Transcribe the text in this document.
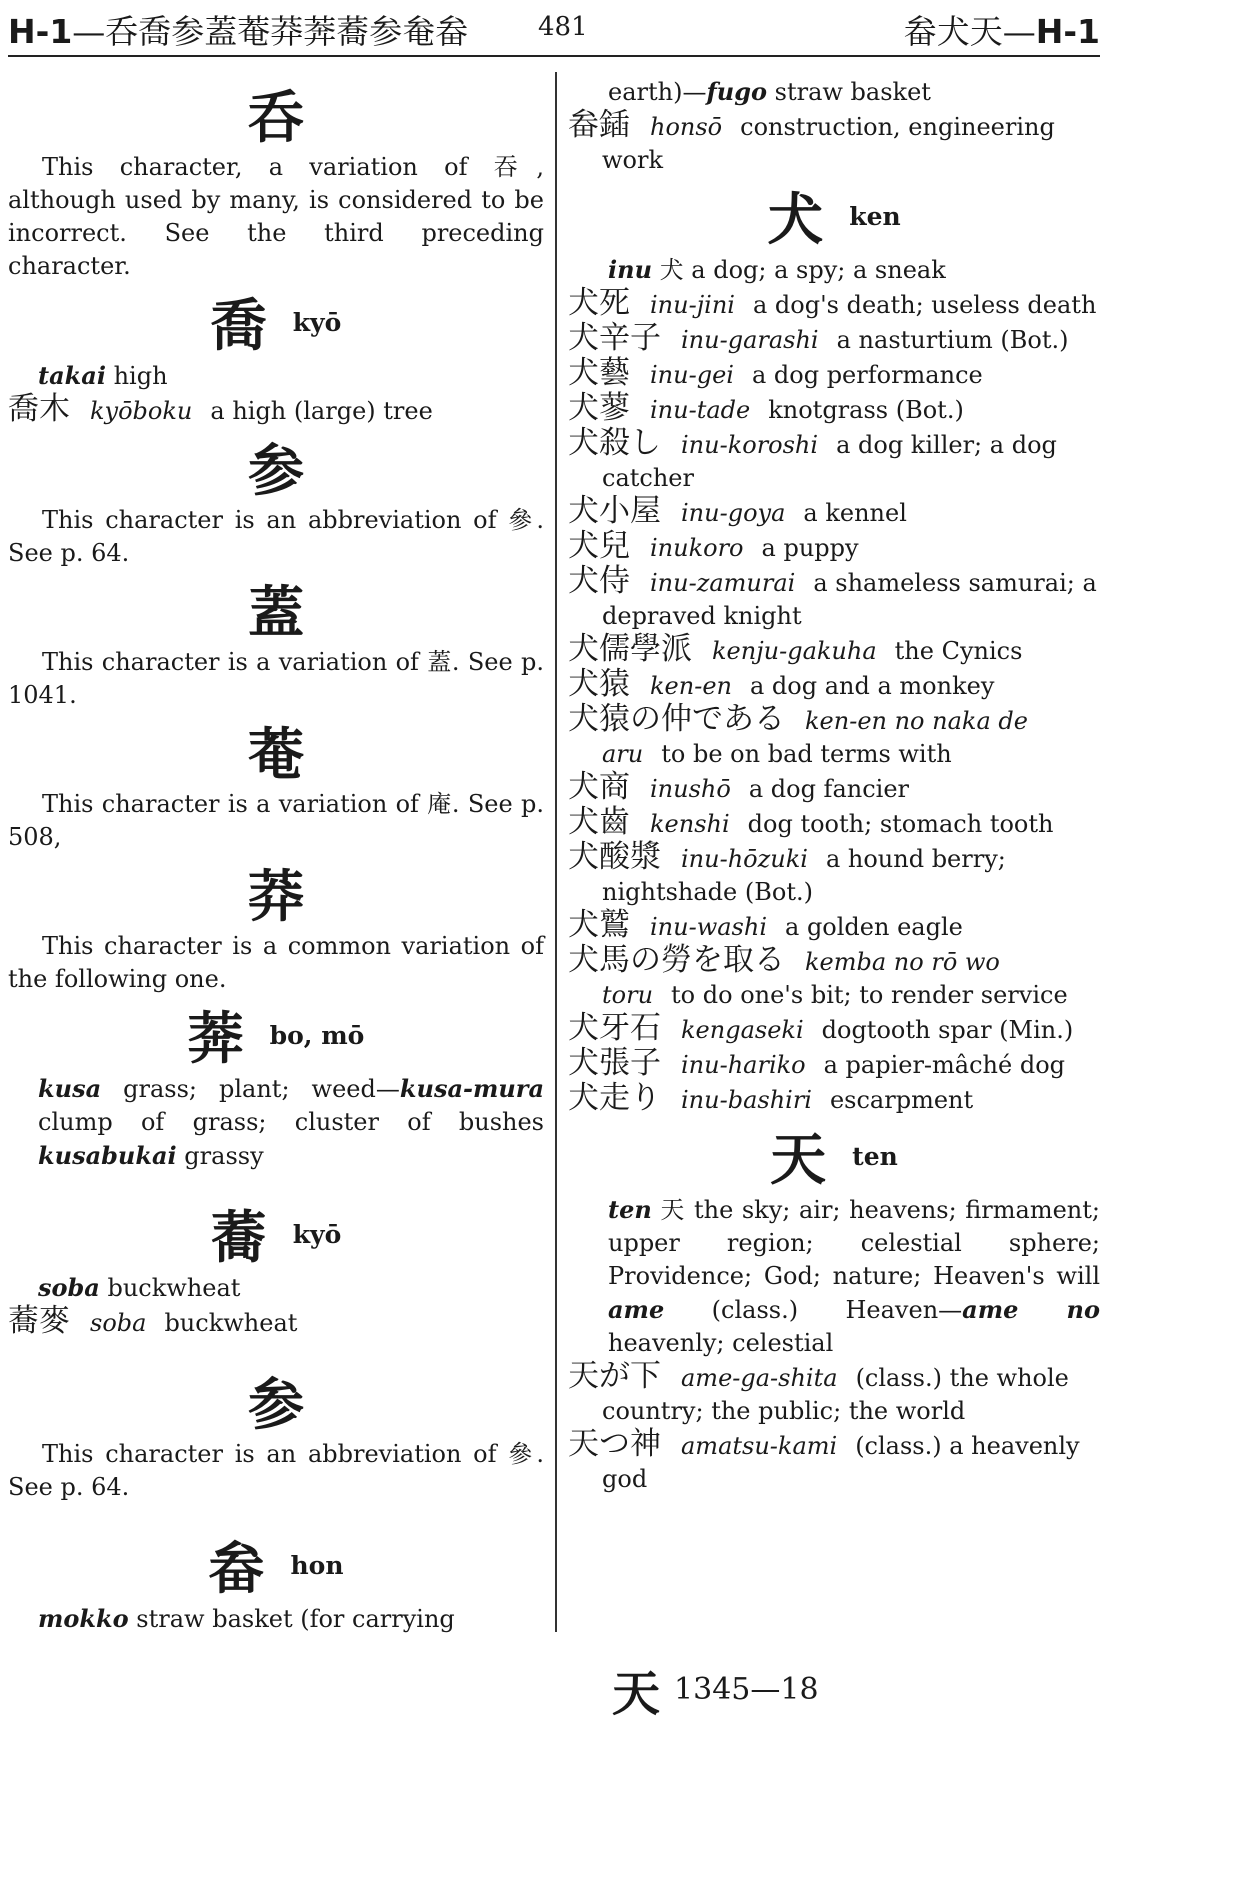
H-1—呑喬参蓋菴莽莾蕎参奙畚	481	畚犬天—H-1
呑
This character, a variation of 吞, although used by many, is considered to be incorrect. See the third preceding character.
喬 kyō
takai high
喬木 kyōboku a high (large) tree
参
This character is an abbreviation of 參. See p. 64.
蓋
This character is a variation of 蓋. See p. 1041.
菴
This character is a variation of 庵. See p. 508,
莽
This character is a common variation of the following one.
莾 bo, mō
kusa grass; plant; weed—kusa-mura clump of grass; cluster of bushes kusabukai grassy
蕎 kyō
soba buckwheat
蕎麥 soba buckwheat
参
This character is an abbreviation of 參. See p. 64.
畚 hon
mokko straw basket (for carrying
earth)—fugo straw basket
畚鍤 honsō construction, engineering work
犬 ken
inu 犬 a dog; a spy; a sneak
犬死 inu-jini a dog's death; useless death
犬辛子 inu-garashi a nasturtium (Bot.)
犬藝 inu-gei a dog performance
犬蓼 inu-tade knotgrass (Bot.)
犬殺し inu-koroshi a dog killer; a dog catcher
犬小屋 inu-goya a kennel
犬兒 inukoro a puppy
犬侍 inu-zamurai a shameless samurai; a depraved knight
犬儒學派 kenju-gakuha the Cynics
犬猿 ken-en a dog and a monkey
犬猿の仲である ken-en no naka de aru to be on bad terms with
犬商 inushō a dog fancier
犬齒 kenshi dog tooth; stomach tooth
犬酸漿 inu-hōzuki a hound berry; nightshade (Bot.)
犬鷲 inu-washi a golden eagle
犬馬の勞を取る kemba no rō wo toru to do one's bit; to render service
犬牙石 kengaseki dogtooth spar (Min.)
犬張子 inu-hariko a papier-mâché dog
犬走り inu-bashiri escarpment
天 ten
ten 天 the sky; air; heavens; firmament; upper region; celestial sphere; Providence; God; nature; Heaven's will ame (class.) Heaven—ame no heavenly; celestial
天が下 ame-ga-shita (class.) the whole country; the public; the world
天つ神 amatsu-kami (class.) a heavenly god
天 1345—18
